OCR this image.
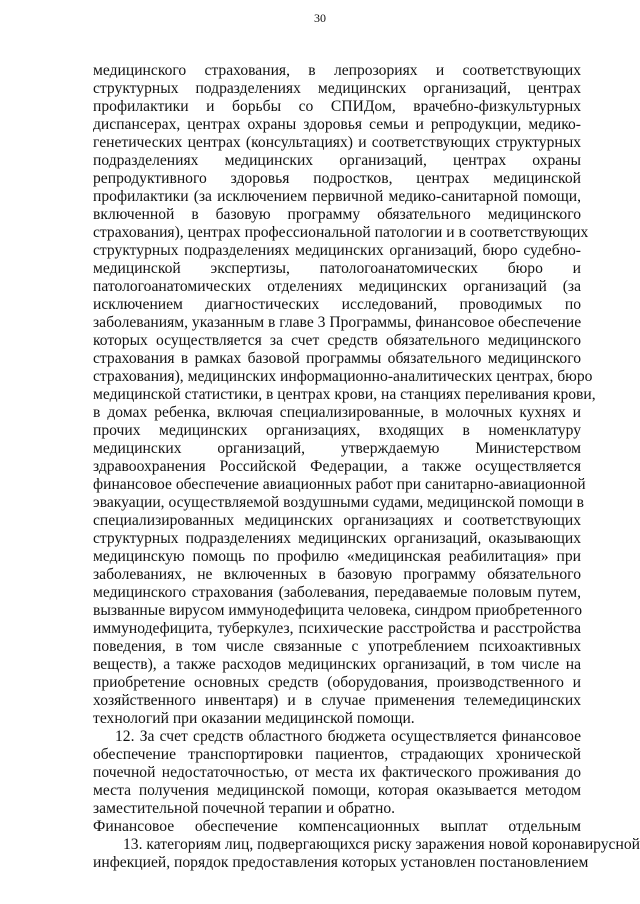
30
медицинского страхования, в лепрозориях и соответствующих
структурных подразделениях медицинских организаций, центрах
профилактики и борьбы со СПИДом, врачебно-физкультурных
диспансерах, центрах охраны здоровья семьи и репродукции, медико-
генетических центрах (консультациях) и соответствующих структурных
подразделениях медицинских организаций, центрах охраны
репродуктивного здоровья подростков, центрах медицинской
профилактики (за исключением первичной медико-санитарной помощи,
включенной в базовую программу обязательного медицинского
страхования), центрах профессиональной патологии и в соответствующих
структурных подразделениях медицинских организаций, бюро судебно-
медицинской экспертизы, патологоанатомических бюро и
патологоанатомических отделениях медицинских организаций (за
исключением диагностических исследований, проводимых по
заболеваниям, указанным в главе 3 Программы, финансовое обеспечение
которых осуществляется за счет средств обязательного медицинского
страхования в рамках базовой программы обязательного медицинского
страхования), медицинских информационно-аналитических центрах, бюро
медицинской статистики, в центрах крови, на станциях переливания крови,
в домах ребенка, включая специализированные, в молочных кухнях и
прочих медицинских организациях, входящих в номенклатуру
медицинских организаций, утверждаемую Министерством
здравоохранения Российской Федерации, а также осуществляется
финансовое обеспечение авиационных работ при санитарно-авиационной
эвакуации, осуществляемой воздушными судами, медицинской помощи в
специализированных медицинских организациях и соответствующих
структурных подразделениях медицинских организаций, оказывающих
медицинскую помощь по профилю «медицинская реабилитация» при
заболеваниях, не включенных в базовую программу обязательного
медицинского страхования (заболевания, передаваемые половым путем,
вызванные вирусом иммунодефицита человека, синдром приобретенного
иммунодефицита, туберкулез, психические расстройства и расстройства
поведения, в том числе связанные с употреблением психоактивных
веществ), а также расходов медицинских организаций, в том числе на
приобретение основных средств (оборудования, производственного и
хозяйственного инвентаря) и в случае применения телемедицинских
технологий при оказании медицинской помощи.
12. За счет средств областного бюджета осуществляется финансовое
обеспечение транспортировки пациентов, страдающих хронической
почечной недостаточностью, от места их фактического проживания до
места получения медицинской помощи, которая оказывается методом
заместительной почечной терапии и обратно.
Финансовое обеспечение компенсационных выплат отдельным
13. категориям лиц, подвергающихся риску заражения новой коронавирусной
инфекцией, порядок предоставления которых установлен постановлением
